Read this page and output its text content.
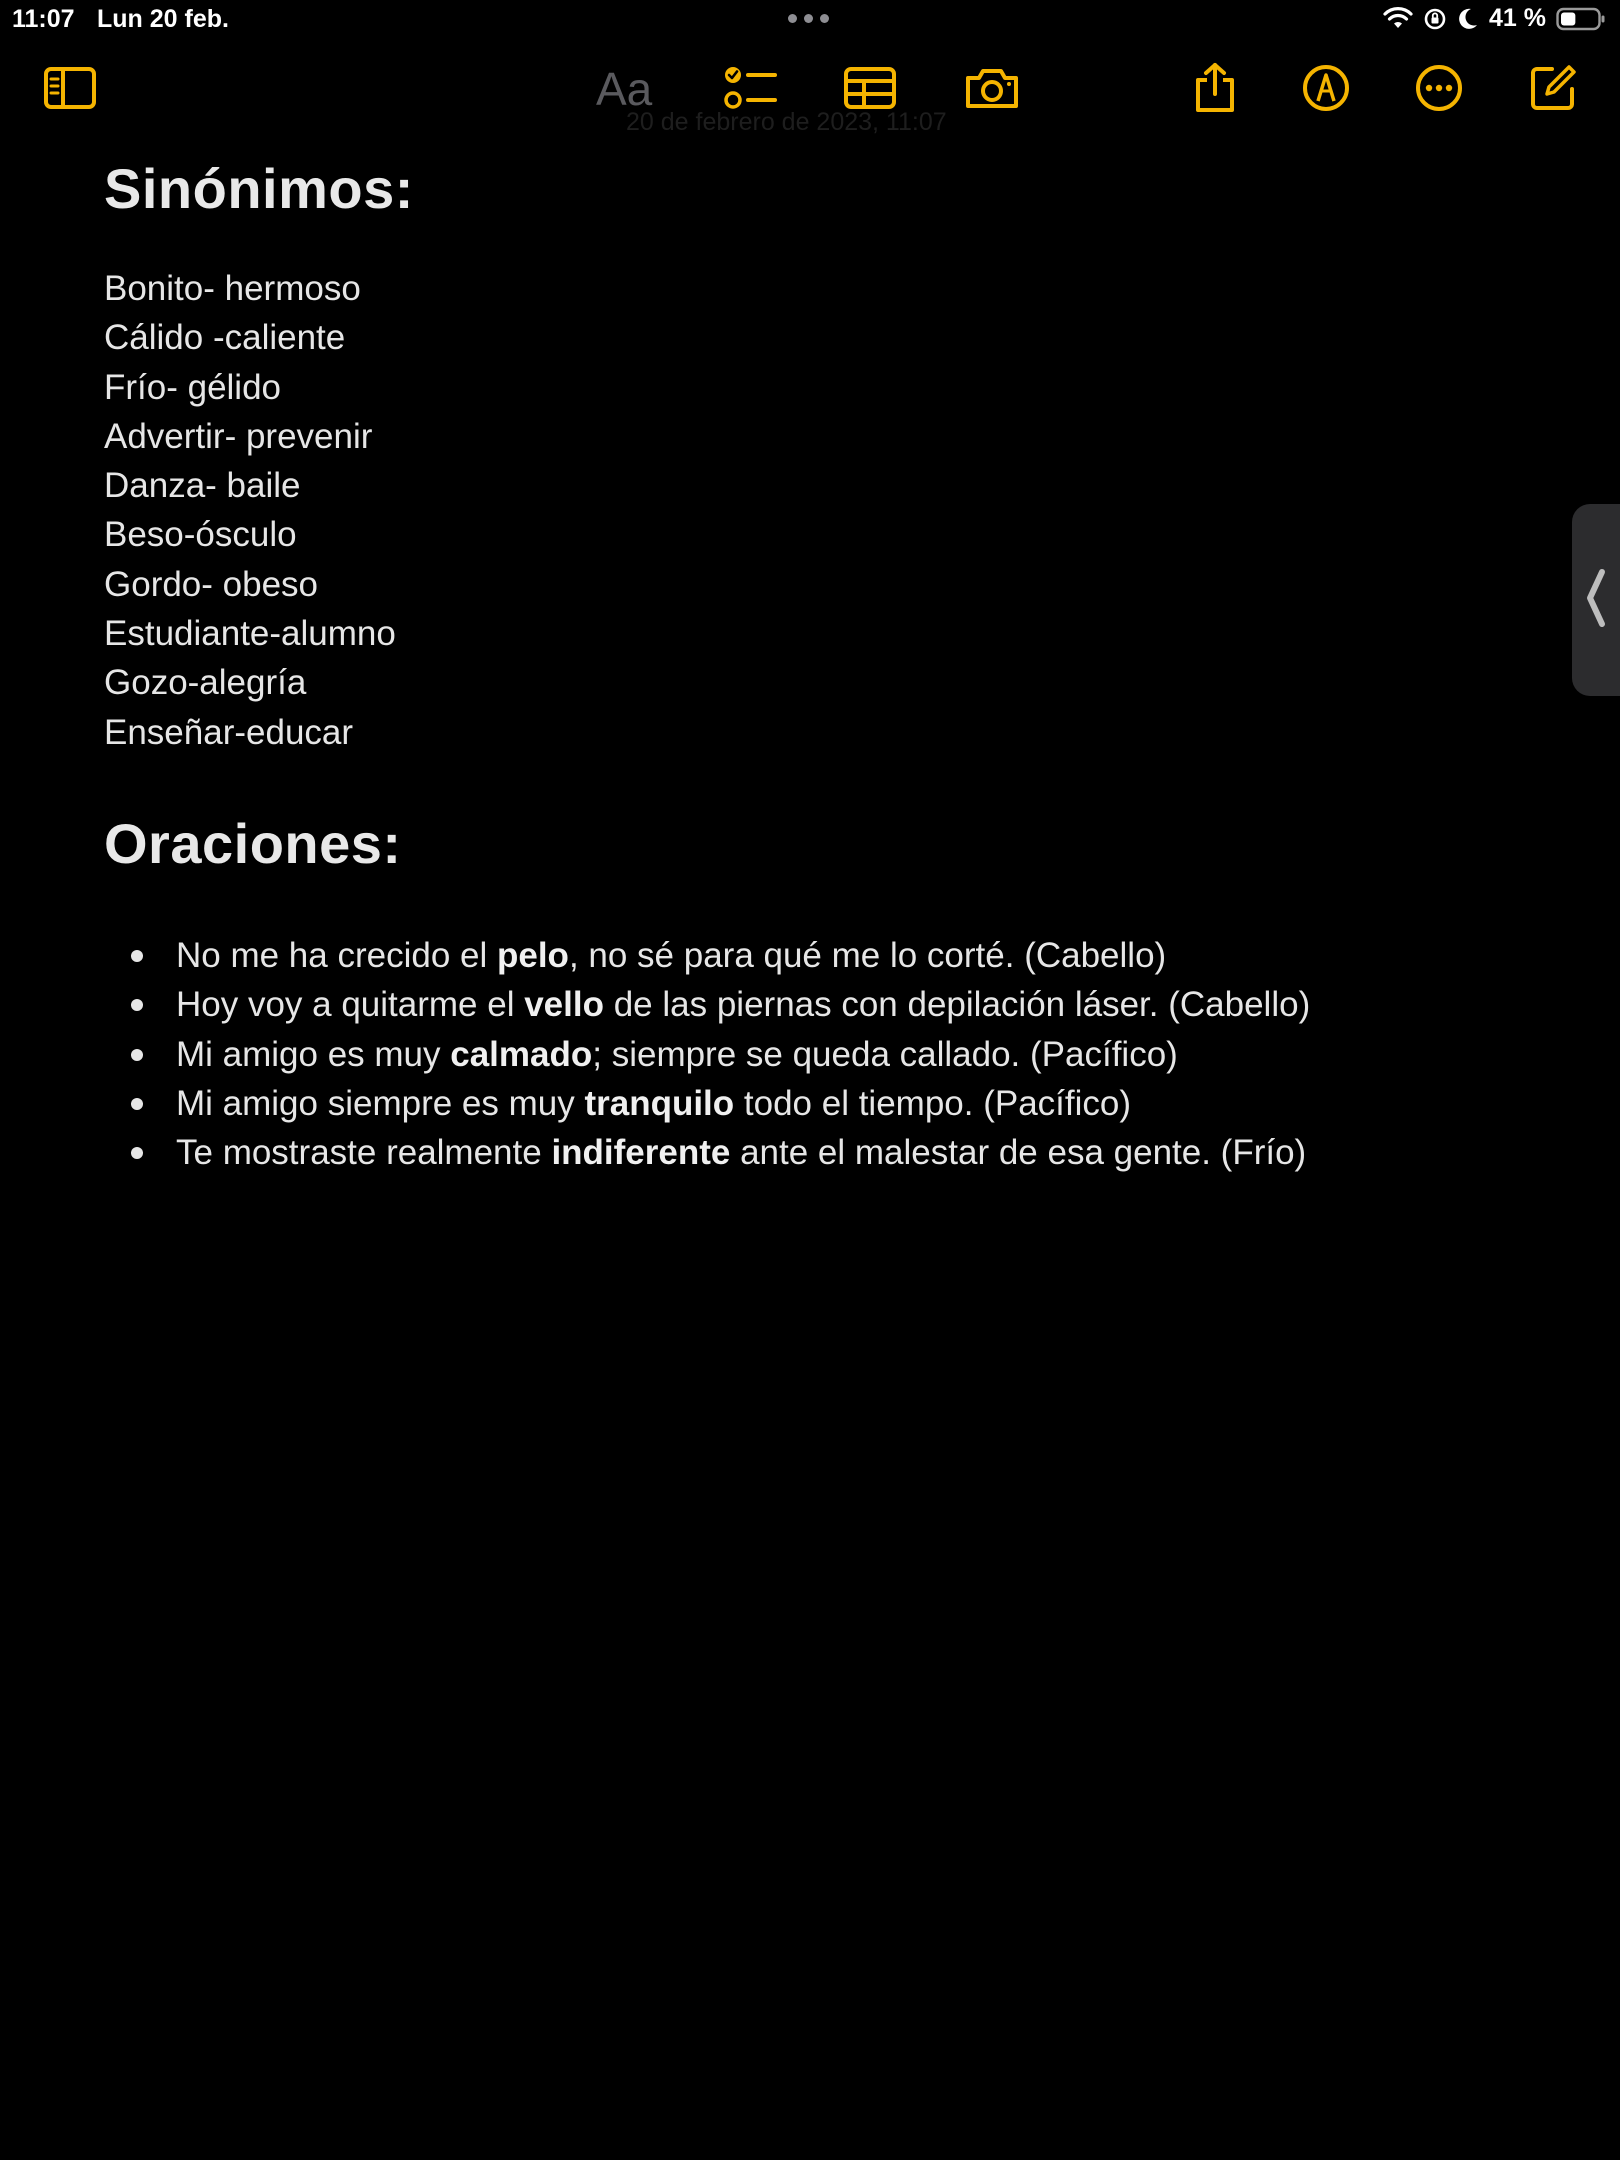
11:07 Lun 20 feb.	41 %
20 de febrero de 2023, 11:07
Aa
Sinónimos:
Bonito- hermoso
Cálido -caliente
Frío- gélido
Advertir- prevenir
Danza- baile
Beso-ósculo
Gordo- obeso
Estudiante-alumno
Gozo-alegría
Enseñar-educar
Oraciones:
No me ha crecido el pelo, no sé para qué me lo corté. (Cabello)
Hoy voy a quitarme el vello de las piernas con depilación láser. (Cabello)
Mi amigo es muy calmado; siempre se queda callado. (Pacífico)
Mi amigo siempre es muy tranquilo todo el tiempo. (Pacífico)
Te mostraste realmente indiferente ante el malestar de esa gente. (Frío)
